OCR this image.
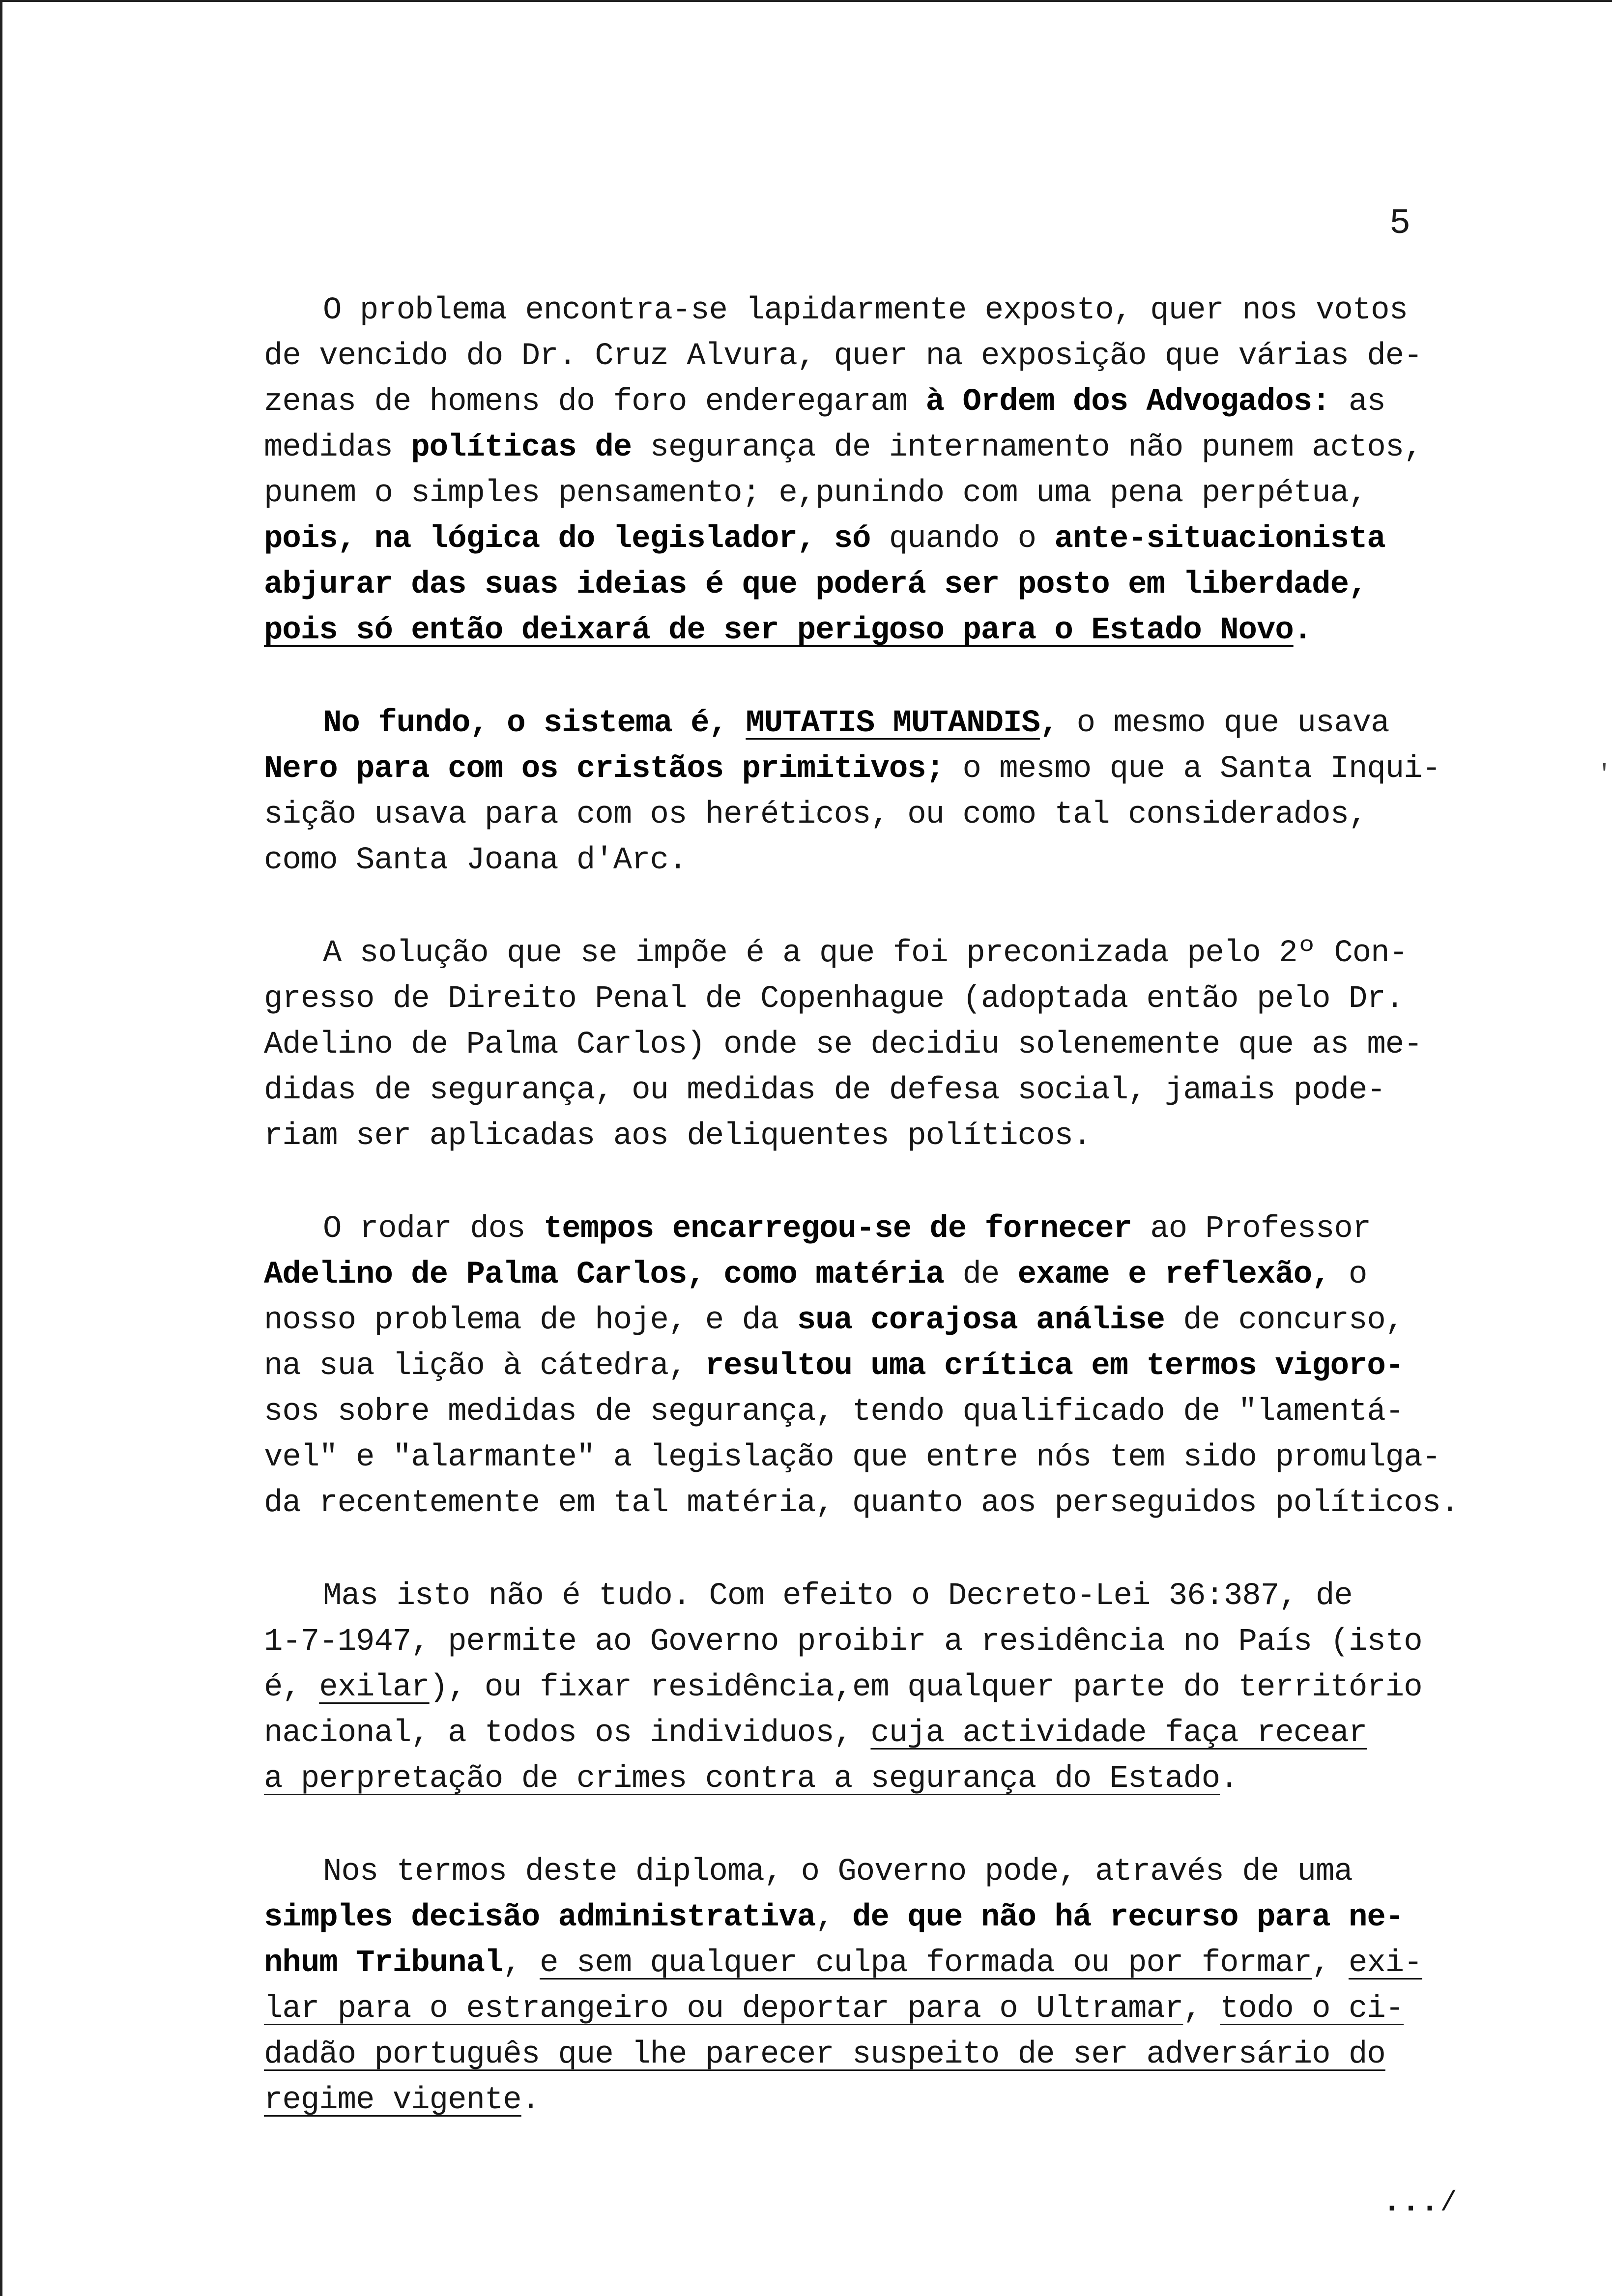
5
'
O problema encontra-se lapidarmente exposto, quer nos votos
de vencido do Dr. Cruz Alvura, quer na exposição que várias de-
zenas de homens do foro enderegaram à Ordem dos Advogados: as
medidas políticas de segurança de internamento não punem actos,
punem o simples pensamento; e,punindo com uma pena perpétua,
pois, na lógica do legislador, só quando o ante-situacionista
abjurar das suas ideias é que poderá ser posto em liberdade,
pois só então deixará de ser perigoso para o Estado Novo.
No fundo, o sistema é, MUTATIS MUTANDIS, o mesmo que usava
Nero para com os cristãos primitivos; o mesmo que a Santa Inqui-
sição usava para com os heréticos, ou como tal considerados,
como Santa Joana d'Arc.
A solução que se impõe é a que foi preconizada pelo 2º Con-
gresso de Direito Penal de Copenhague (adoptada então pelo Dr.
Adelino de Palma Carlos) onde se decidiu solenemente que as me-
didas de segurança, ou medidas de defesa social, jamais pode-
riam ser aplicadas aos deliquentes políticos.
O rodar dos tempos encarregou-se de fornecer ao Professor
Adelino de Palma Carlos, como matéria de exame e reflexão, o
nosso problema de hoje, e da sua corajosa análise de concurso,
na sua lição à cátedra, resultou uma crítica em termos vigoro-
sos sobre medidas de segurança, tendo qualificado de "lamentá-
vel" e "alarmante" a legislação que entre nós tem sido promulga-
da recentemente em tal matéria, quanto aos perseguidos políticos.
Mas isto não é tudo. Com efeito o Decreto-Lei 36:387, de
1-7-1947, permite ao Governo proibir a residência no País (isto
é, exilar), ou fixar residência,em qualquer parte do território
nacional, a todos os individuos, cuja actividade faça recear
a perpretação de crimes contra a segurança do Estado.
Nos termos deste diploma, o Governo pode, através de uma
simples decisão administrativa, de que não há recurso para ne-
nhum Tribunal, e sem qualquer culpa formada ou por formar, exi-
lar para o estrangeiro ou deportar para o Ultramar, todo o ci-
dadão português que lhe parecer suspeito de ser adversário do
regime vigente.
...∕
